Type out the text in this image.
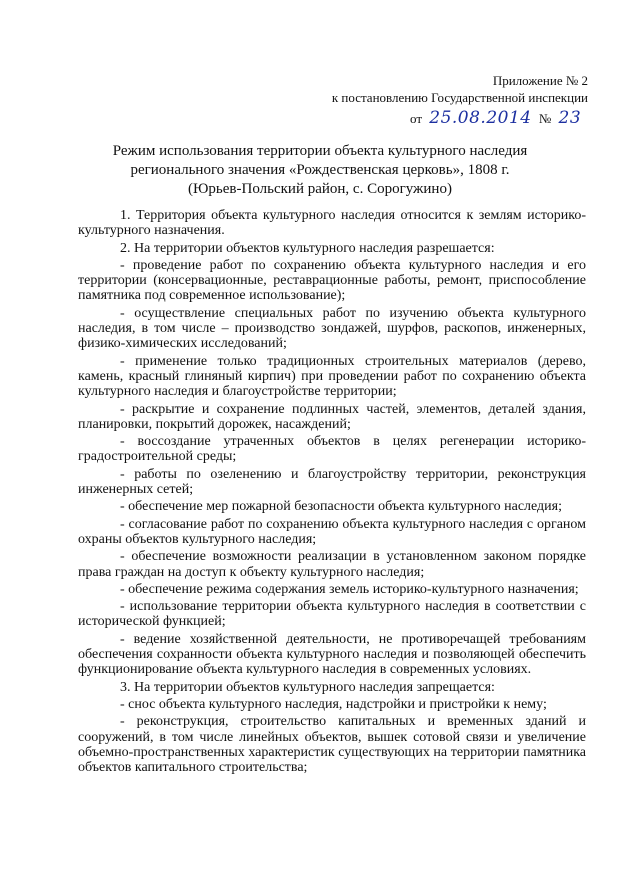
Приложение № 2
к постановлению Государственной инспекции
от 25.08.2014 № 23
Режим использования территории объекта культурного наследия
регионального значения «Рождественская церковь», 1808 г.
(Юрьев-Польский район, с. Сорогужино)

1. Территория объекта культурного наследия относится к землям историко-культурного назначения.

2. На территории объектов культурного наследия разрешается:

- проведение работ по сохранению объекта культурного наследия и его территории (консервационные, реставрационные работы, ремонт, приспособление памятника под современное использование);

- осуществление специальных работ по изучению объекта культурного наследия, в том числе – производство зондажей, шурфов, раскопов, инженерных, физико-химических исследований;

- применение только традиционных строительных материалов (дерево, камень, красный глиняный кирпич) при проведении работ по сохранению объекта культурного наследия и благоустройстве территории;

- раскрытие и сохранение подлинных частей, элементов, деталей здания, планировки, покрытий дорожек, насаждений;

- воссоздание утраченных объектов в целях регенерации историко-градостроительной среды;

- работы по озеленению и благоустройству территории, реконструкция инженерных сетей;

- обеспечение мер пожарной безопасности объекта культурного наследия;

- согласование работ по сохранению объекта культурного наследия с органом охраны объектов культурного наследия;

- обеспечение возможности реализации в установленном законом порядке права граждан на доступ к объекту культурного наследия;

- обеспечение режима содержания земель историко-культурного назначения;

- использование территории объекта культурного наследия в соответствии с исторической функцией;

- ведение хозяйственной деятельности, не противоречащей требованиям обеспечения сохранности объекта культурного наследия и позволяющей обеспечить функционирование объекта культурного наследия в современных условиях.

3. На территории объектов культурного наследия запрещается:

- снос объекта культурного наследия, надстройки и пристройки к нему;

- реконструкция, строительство капитальных и временных зданий и сооружений, в том числе линейных объектов, вышек сотовой связи и увеличение объемно-пространственных характеристик существующих на территории памятника объектов капитального строительства;
